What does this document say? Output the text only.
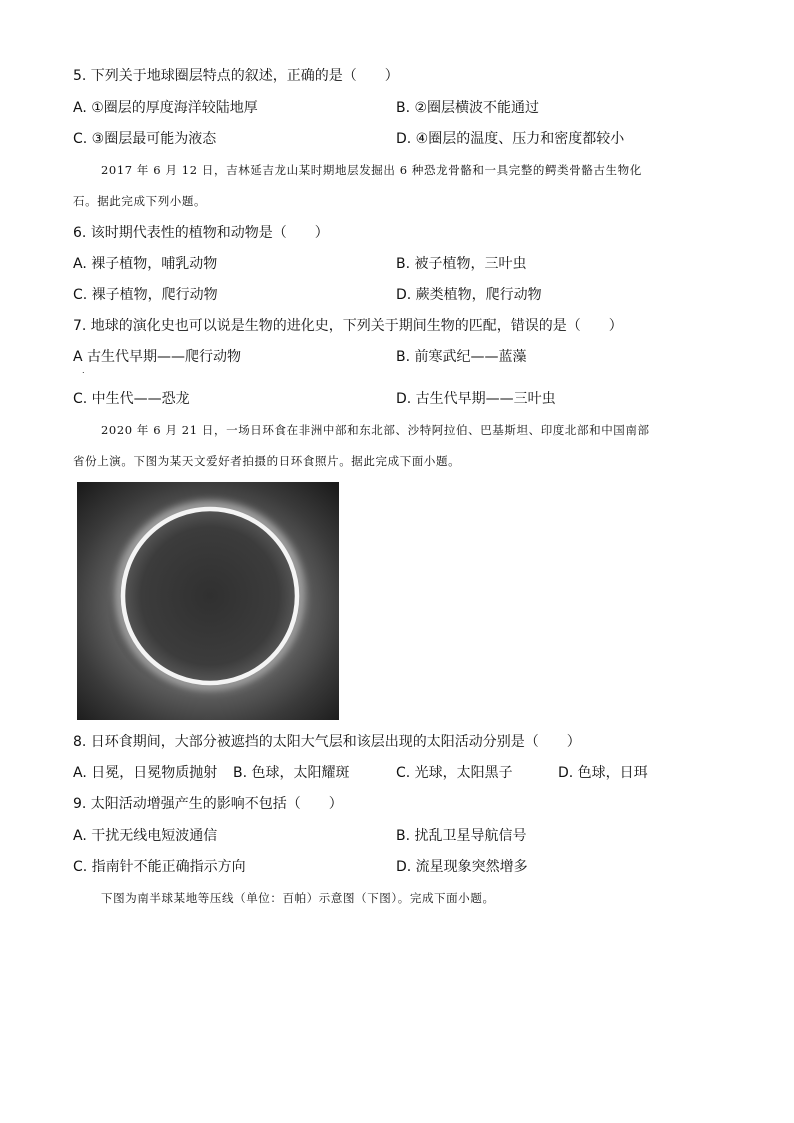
5. 下列关于地球圈层特点的叙述，正确的是（　　）
A. ①圈层的厚度海洋较陆地厚	B. ②圈层横波不能通过
C. ③圈层最可能为液态	D. ④圈层的温度、压力和密度都较小
2017 年 6 月 12 日，吉林延吉龙山某时期地层发掘出 6 种恐龙骨骼和一具完整的鳄类骨骼古生物化
石。据此完成下列小题。
6. 该时期代表性的植物和动物是（　　）
A. 裸子植物，哺乳动物	B. 被子植物，三叶虫
C. 裸子植物，爬行动物	D. 蕨类植物，爬行动物
7. 地球的演化史也可以说是生物的进化史，下列关于期间生物的匹配，错误的是（　　）
A 古生代早期——爬行动物	B. 前寒武纪——蓝藻
.
C. 中生代——恐龙	D. 古生代早期——三叶虫
2020 年 6 月 21 日，一场日环食在非洲中部和东北部、沙特阿拉伯、巴基斯坦、印度北部和中国南部
省份上演。下图为某天文爱好者拍摄的日环食照片。据此完成下面小题。
8. 日环食期间，大部分被遮挡的太阳大气层和该层出现的太阳活动分别是（　　）
A. 日冕，日冕物质抛射 B. 色球，太阳耀斑	C. 光球，太阳黑子	D. 色球，日珥
9. 太阳活动增强产生的影响不包括（　　）
A. 干扰无线电短波通信	B. 扰乱卫星导航信号
C. 指南针不能正确指示方向	D. 流星现象突然增多
下图为南半球某地等压线（单位：百帕）示意图（下图）。完成下面小题。
